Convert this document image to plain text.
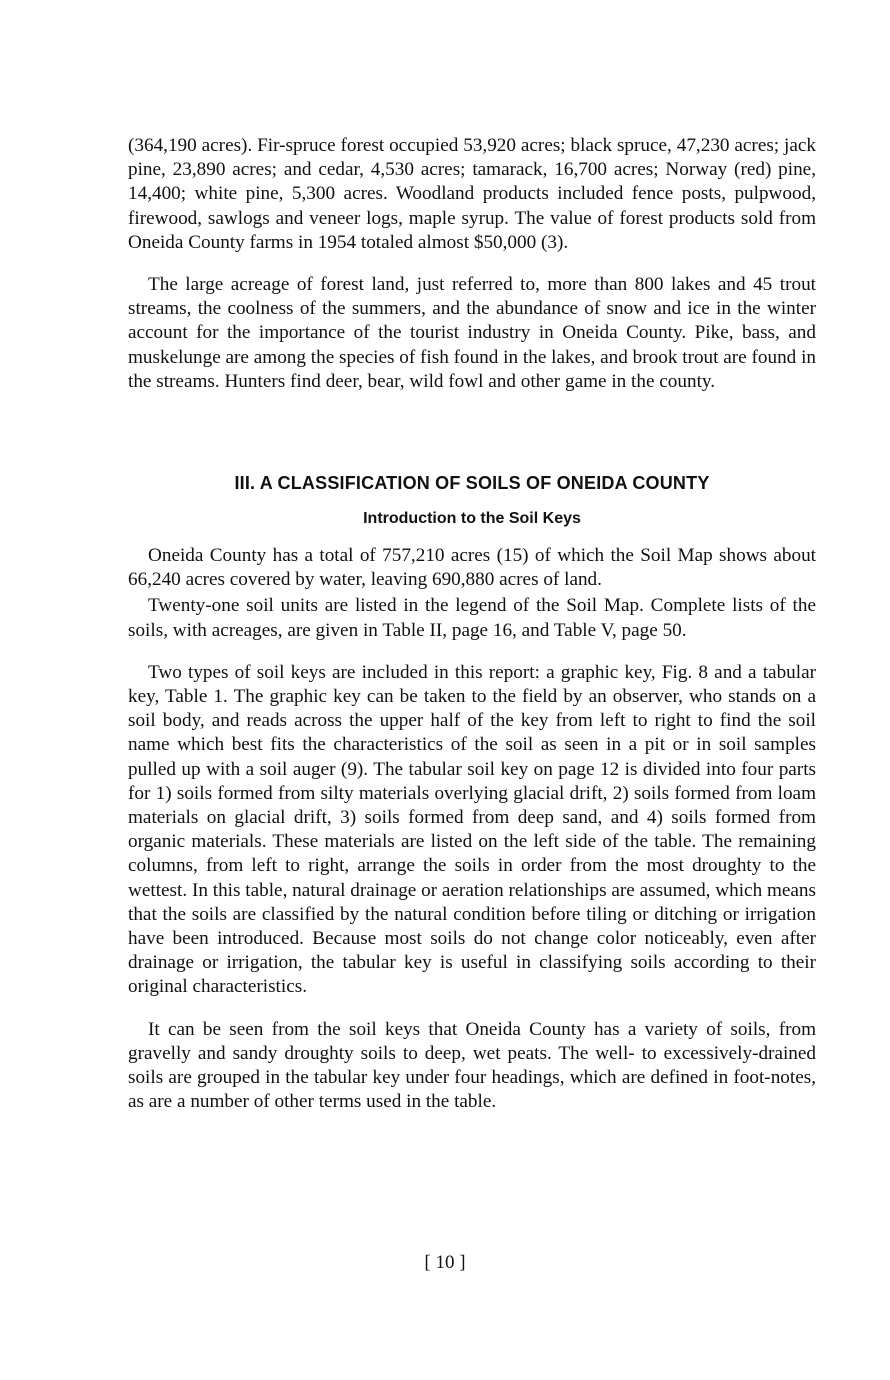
(364,190 acres). Fir-spruce forest occupied 53,920 acres; black spruce, 47,230 acres; jack pine, 23,890 acres; and cedar, 4,530 acres; tamarack, 16,700 acres; Norway (red) pine, 14,400; white pine, 5,300 acres. Woodland products included fence posts, pulpwood, firewood, sawlogs and veneer logs, maple syrup. The value of forest products sold from Oneida County farms in 1954 totaled almost $50,000 (3).

The large acreage of forest land, just referred to, more than 800 lakes and 45 trout streams, the coolness of the summers, and the abundance of snow and ice in the winter account for the importance of the tourist industry in Oneida County. Pike, bass, and muskelunge are among the species of fish found in the lakes, and brook trout are found in the streams. Hunters find deer, bear, wild fowl and other game in the county.

III. A CLASSIFICATION OF SOILS OF ONEIDA COUNTY
Introduction to the Soil Keys

Oneida County has a total of 757,210 acres (15) of which the Soil Map shows about 66,240 acres covered by water, leaving 690,880 acres of land.

Twenty-one soil units are listed in the legend of the Soil Map. Complete lists of the soils, with acreages, are given in Table II, page 16, and Table V, page 50.

Two types of soil keys are included in this report: a graphic key, Fig. 8 and a tabular key, Table 1. The graphic key can be taken to the field by an observer, who stands on a soil body, and reads across the upper half of the key from left to right to find the soil name which best fits the characteristics of the soil as seen in a pit or in soil samples pulled up with a soil auger (9). The tabular soil key on page 12 is divided into four parts for 1) soils formed from silty materials overlying glacial drift, 2) soils formed from loam materials on glacial drift, 3) soils formed from deep sand, and 4) soils formed from organic materials. These materials are listed on the left side of the table. The remaining columns, from left to right, arrange the soils in order from the most droughty to the wettest. In this table, natural drainage or aeration relationships are assumed, which means that the soils are classified by the natural condition before tiling or ditching or irrigation have been introduced. Because most soils do not change color noticeably, even after drainage or irrigation, the tabular key is useful in classifying soils according to their original characteristics.

It can be seen from the soil keys that Oneida County has a variety of soils, from gravelly and sandy droughty soils to deep, wet peats. The well- to excessively-drained soils are grouped in the tabular key under four headings, which are defined in foot-notes, as are a number of other terms used in the table.

[ 10 ]
